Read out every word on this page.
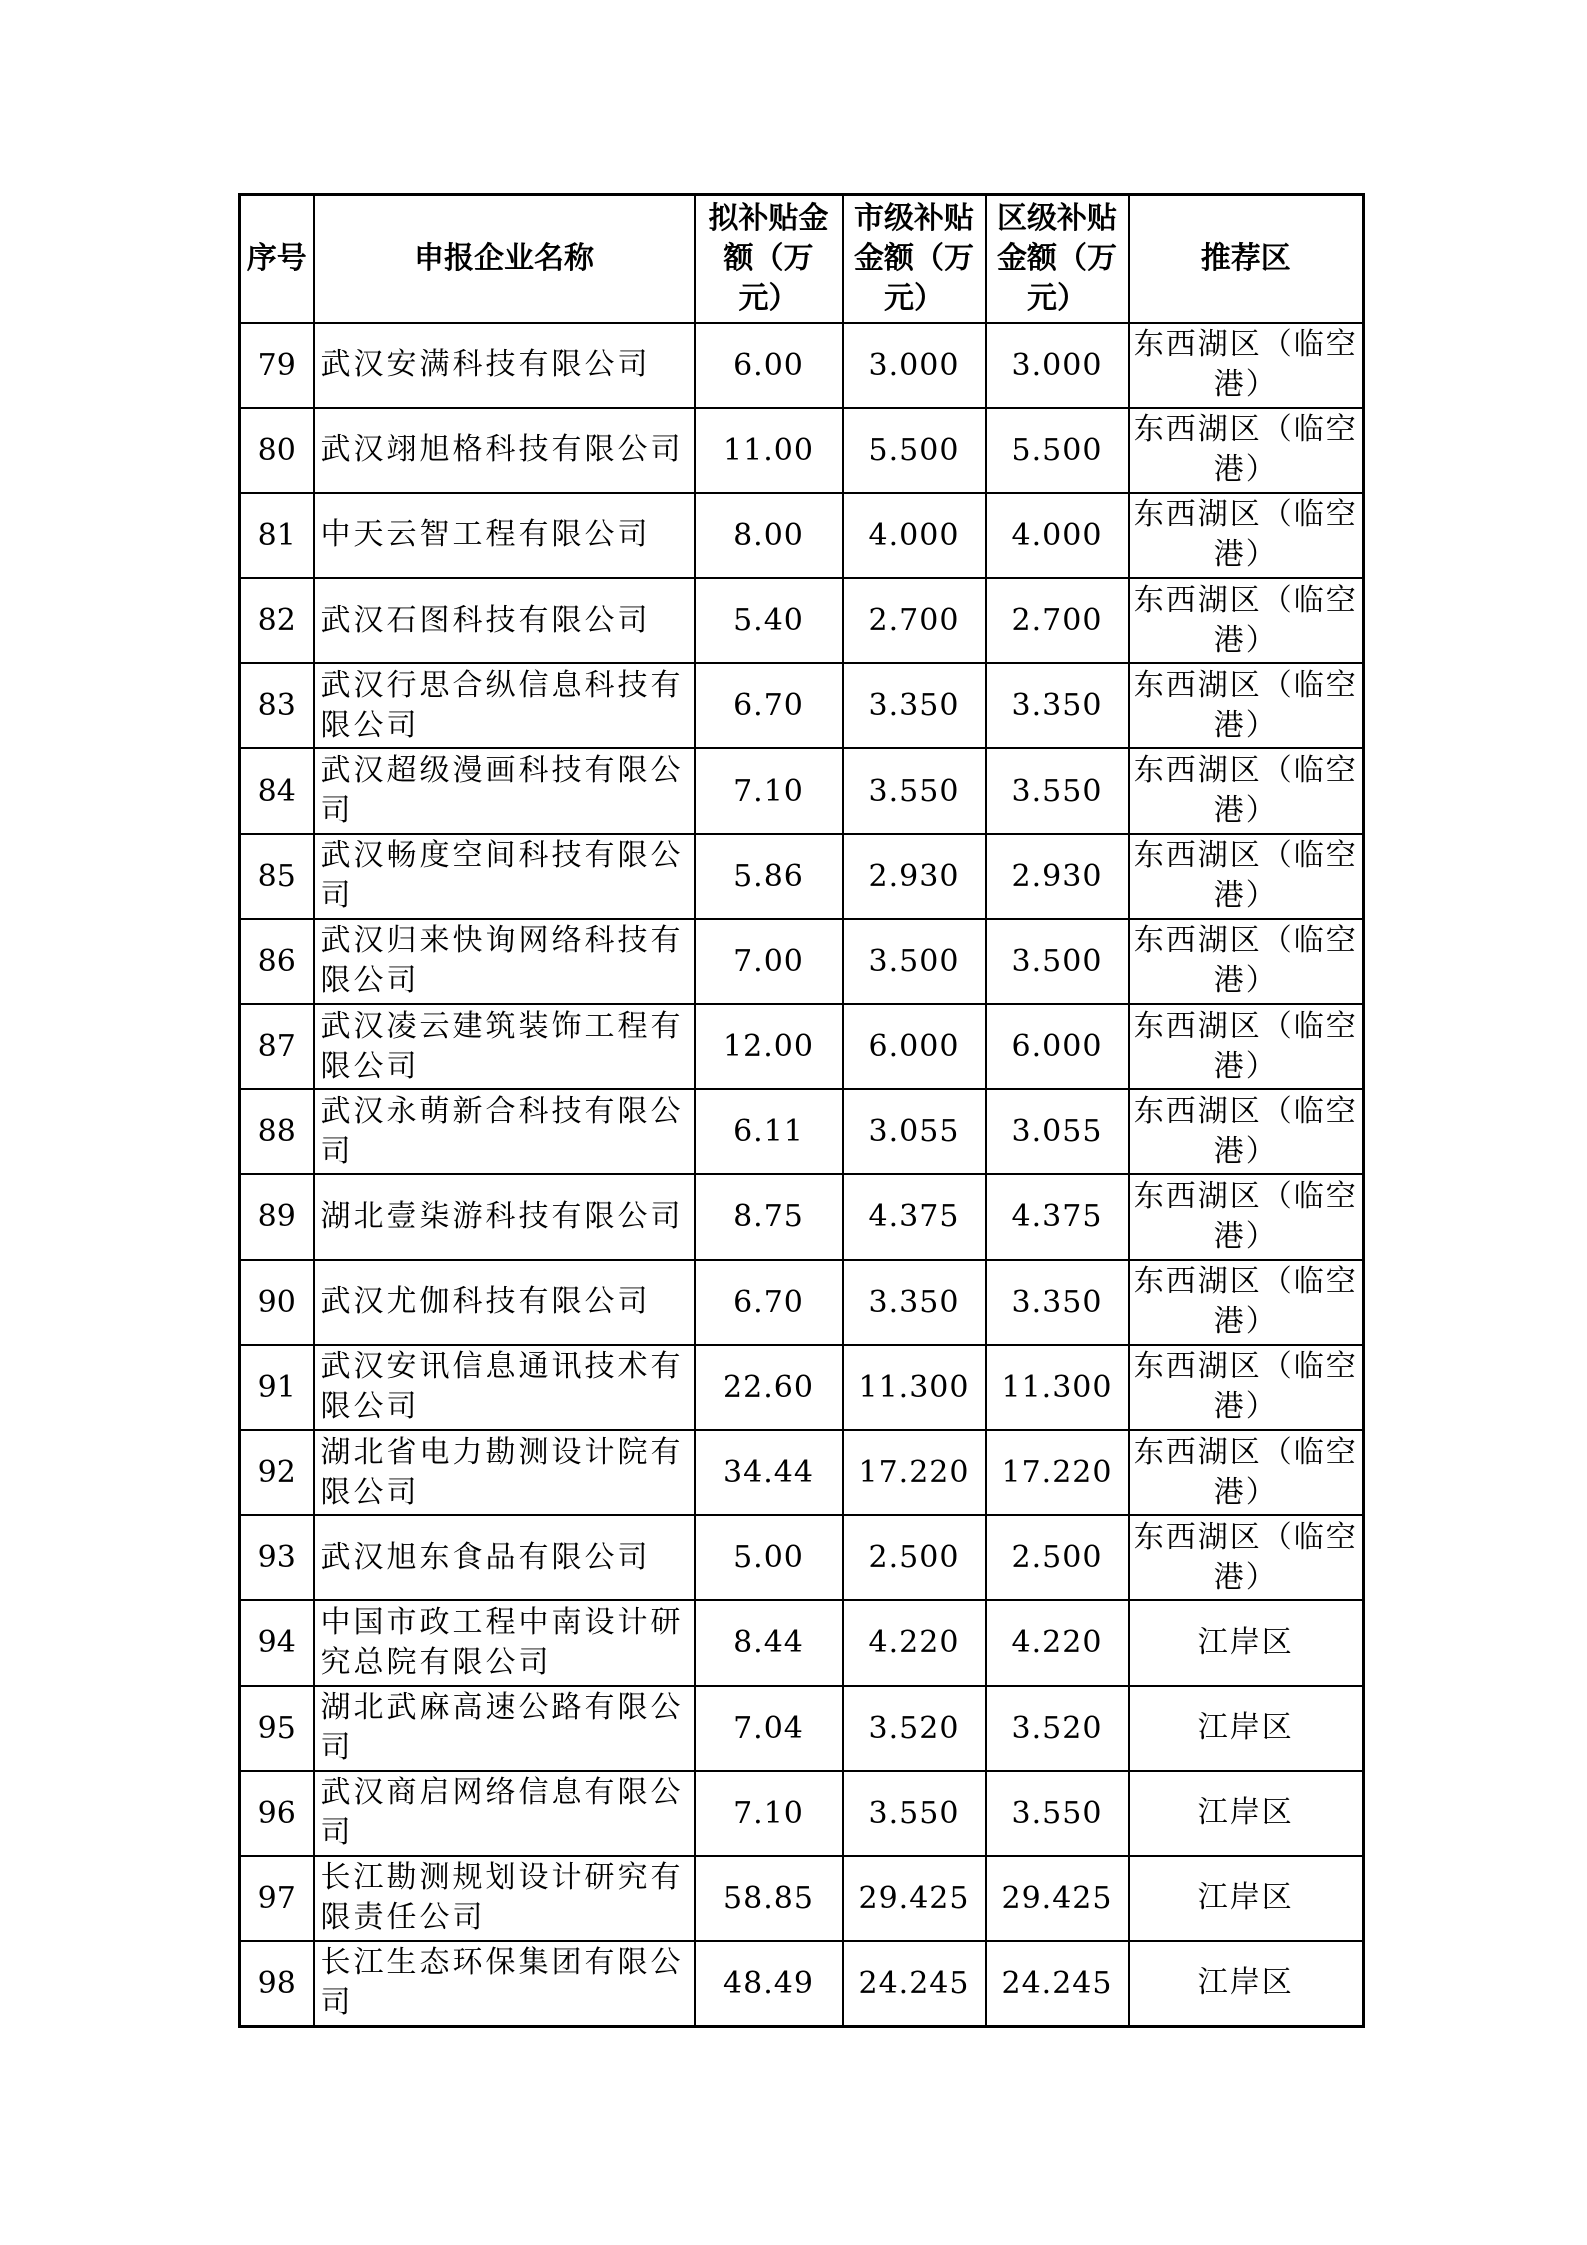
序号	申报企业名称	拟补贴金额（万元）	市级补贴金额（万元）	区级补贴金额（万元）	推荐区
79	武汉安满科技有限公司	6.00	3.000	3.000	东西湖区（临空港）
80	武汉翊旭格科技有限公司	11.00	5.500	5.500	东西湖区（临空港）
81	中天云智工程有限公司	8.00	4.000	4.000	东西湖区（临空港）
82	武汉石图科技有限公司	5.40	2.700	2.700	东西湖区（临空港）
83	武汉行思合纵信息科技有限公司	6.70	3.350	3.350	东西湖区（临空港）
84	武汉超级漫画科技有限公司	7.10	3.550	3.550	东西湖区（临空港）
85	武汉畅度空间科技有限公司	5.86	2.930	2.930	东西湖区（临空港）
86	武汉归来快询网络科技有限公司	7.00	3.500	3.500	东西湖区（临空港）
87	武汉凌云建筑装饰工程有限公司	12.00	6.000	6.000	东西湖区（临空港）
88	武汉永萌新合科技有限公司	6.11	3.055	3.055	东西湖区（临空港）
89	湖北壹柒游科技有限公司	8.75	4.375	4.375	东西湖区（临空港）
90	武汉尤伽科技有限公司	6.70	3.350	3.350	东西湖区（临空港）
91	武汉安讯信息通讯技术有限公司	22.60	11.300	11.300	东西湖区（临空港）
92	湖北省电力勘测设计院有限公司	34.44	17.220	17.220	东西湖区（临空港）
93	武汉旭东食品有限公司	5.00	2.500	2.500	东西湖区（临空港）
94	中国市政工程中南设计研究总院有限公司	8.44	4.220	4.220	江岸区
95	湖北武麻高速公路有限公司	7.04	3.520	3.520	江岸区
96	武汉商启网络信息有限公司	7.10	3.550	3.550	江岸区
97	长江勘测规划设计研究有限责任公司	58.85	29.425	29.425	江岸区
98	长江生态环保集团有限公司	48.49	24.245	24.245	江岸区
